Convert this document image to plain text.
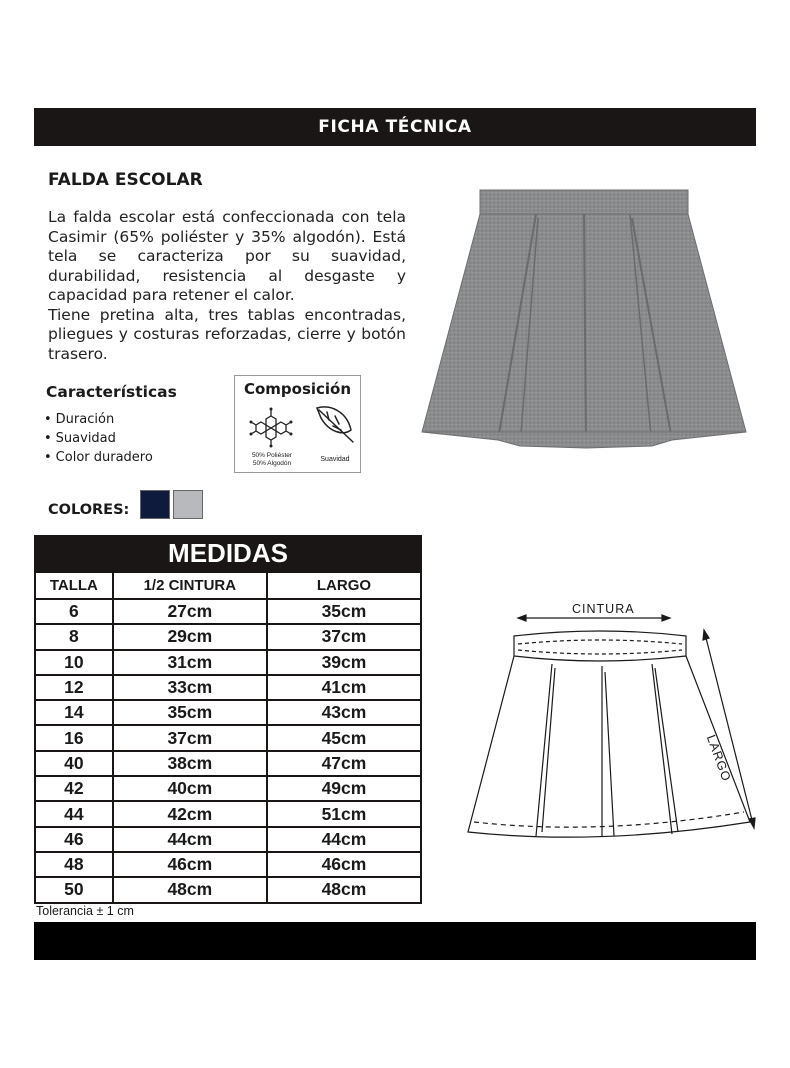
FICHA TÉCNICA
FALDA ESCOLAR

La falda escolar está confeccionada con tela Casimir (65% poliéster y 35% algodón). Está tela se caracteriza por su suavidad, durabilidad, resistencia al desgaste y capacidad para retener el calor.

Tiene pretina alta, tres tablas encontradas, pliegues y costuras reforzadas, cierre y botón trasero.

Características
• Duración
• Suavidad
• Color duradero
Composición
50% Poliéster
50% Algodón	Suavidad
COLORES:
MEDIDAS
TALLA	1/2 CINTURA	LARGO
6	27cm	35cm
8	29cm	37cm
10	31cm	39cm
12	33cm	41cm
14	35cm	43cm
16	37cm	45cm
40	38cm	47cm
42	40cm	49cm
44	42cm	51cm
46	44cm	44cm
48	46cm	46cm
50	48cm	48cm
Tolerancia ± 1 cm
CINTURA
LARGO
